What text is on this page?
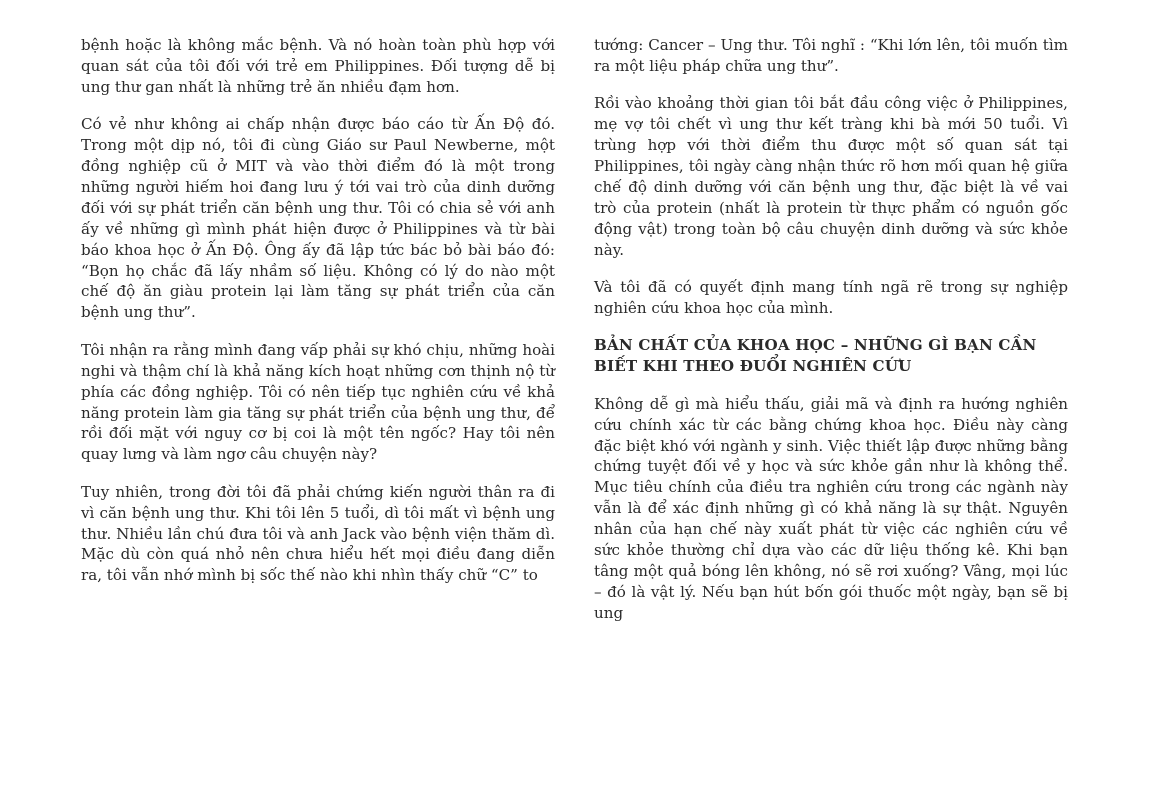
bệnh hoặc là không mắc bệnh. Và nó hoàn toàn phù hợp với quan sát của tôi đối với trẻ em Philippines. Đối tượng dễ bị ung thư gan nhất là những trẻ ăn nhiều đạm hơn.

Có vẻ như không ai chấp nhận được báo cáo từ Ấn Độ đó. Trong một dịp nó, tôi đi cùng Giáo sư Paul Newberne, một đồng nghiệp cũ ở MIT và vào thời điểm đó là một trong những người hiếm hoi đang lưu ý tới vai trò của dinh dưỡng đối với sự phát triển căn bệnh ung thư. Tôi có chia sẻ với anh ấy về những gì mình phát hiện được ở Philippines và từ bài báo khoa học ở Ấn Độ. Ông ấy đã lập tức bác bỏ bài báo đó: “Bọn họ chắc đã lấy nhầm số liệu. Không có lý do nào một chế độ ăn giàu protein lại làm tăng sự phát triển của căn bệnh ung thư”.

Tôi nhận ra rằng mình đang vấp phải sự khó chịu, những hoài nghi và thậm chí là khả năng kích hoạt những cơn thịnh nộ từ phía các đồng nghiệp. Tôi có nên tiếp tục nghiên cứu về khả năng protein làm gia tăng sự phát triển của bệnh ung thư, để rồi đối mặt với nguy cơ bị coi là một tên ngốc? Hay tôi nên quay lưng và làm ngơ câu chuyện này?

Tuy nhiên, trong đời tôi đã phải chứng kiến người thân ra đi vì căn bệnh ung thư. Khi tôi lên 5 tuổi, dì tôi mất vì bệnh ung thư. Nhiều lần chú đưa tôi và anh Jack vào bệnh viện thăm dì. Mặc dù còn quá nhỏ nên chưa hiểu hết mọi điều đang diễn ra, tôi vẫn nhớ mình bị sốc thế nào khi nhìn thấy chữ “C” to

tướng: Cancer – Ung thư. Tôi nghĩ : “Khi lớn lên, tôi muốn tìm ra một liệu pháp chữa ung thư”.

Rồi vào khoảng thời gian tôi bắt đầu công việc ở Philippines, mẹ vợ tôi chết vì ung thư kết tràng khi bà mới 50 tuổi. Vì trùng hợp với thời điểm thu được một số quan sát tại Philippines, tôi ngày càng nhận thức rõ hơn mối quan hệ giữa chế độ dinh dưỡng với căn bệnh ung thư, đặc biệt là về vai trò của protein (nhất là protein từ thực phẩm có nguồn gốc động vật) trong toàn bộ câu chuyện dinh dưỡng và sức khỏe này.

Và tôi đã có quyết định mang tính ngã rẽ trong sự nghiệp nghiên cứu khoa học của mình.

BẢN CHẤT CỦA KHOA HỌC – NHỮNG GÌ BẠN CẦN BIẾT KHI THEO ĐUỔI NGHIÊN CỨU

Không dễ gì mà hiểu thấu, giải mã và định ra hướng nghiên cứu chính xác từ các bằng chứng khoa học. Điều này càng đặc biệt khó với ngành y sinh. Việc thiết lập được những bằng chứng tuyệt đối về y học và sức khỏe gần như là không thể. Mục tiêu chính của điều tra nghiên cứu trong các ngành này vẫn là để xác định những gì có khả năng là sự thật. Nguyên nhân của hạn chế này xuất phát từ việc các nghiên cứu về sức khỏe thường chỉ dựa vào các dữ liệu thống kê. Khi bạn tâng một quả bóng lên không, nó sẽ rơi xuống? Vâng, mọi lúc – đó là vật lý. Nếu bạn hút bốn gói thuốc một ngày, bạn sẽ bị ung
